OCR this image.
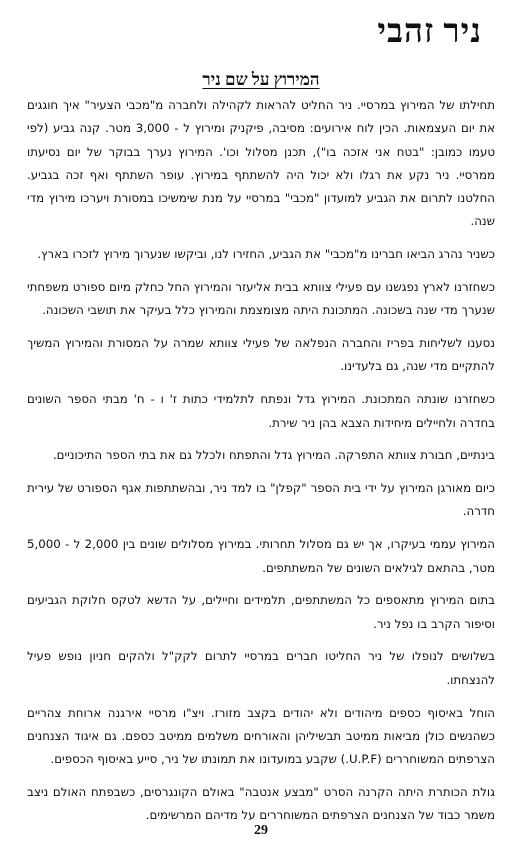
ניר זהבי
המירוץ על שם ניר

תחילתו של המירוץ במרסיי. ניר החליט להראות לקהילה ולחברה מ"מכבי הצעיר" איך חוגגים את יום העצמאות. הכין לוח אירועים: מסיבה, פיקניק ומירוץ ל - 3,000 מטר. קנה גביע (לפי טעמו כמובן: "בטח אני אזכה בו"), תכנן מסלול וכו'. המירוץ נערך בבוקר של יום נסיעתו ממרסיי. ניר נקע את רגלו ולא יכול היה להשתתף במירוץ. עופר השתתף ואף זכה בגביע. החלטנו לתרום את הגביע למועדון "מכבי" במרסיי על מנת שימשיכו במסורת ויערכו מירוץ מדי שנה.

כשניר נהרג הביאו חברינו מ"מכבי" את הגביע, החזירו לנו, וביקשו שנערוך מירוץ לזכרו בארץ.

כשחזרנו לארץ נפגשנו עם פעילי צוותא בבית אליעזר והמירוץ החל כחלק מיום ספורט משפחתי שנערך מדי שנה בשכונה. המתכונת היתה מצומצמת והמירוץ כלל בעיקר את תושבי השכונה.

נסענו לשליחות בפריז והחברה הנפלאה של פעילי צוותא שמרה על המסורת והמירוץ המשיך להתקיים מדי שנה, גם בלעדינו.

כשחזרנו שונתה המתכונת. המירוץ גדל ונפתח לתלמידי כתות ז' ו - ח' מבתי הספר השונים בחדרה ולחיילים מיחידות הצבא בהן ניר שירת.

בינתיים, חבורת צוותא התפרקה. המירוץ גדל והתפתח ולכלל גם את בתי הספר התיכוניים.

כיום מאורגן המירוץ על ידי בית הספר "קפלן" בו למד ניר, ובהשתתפות אגף הספורט של עירית חדרה.

המירוץ עממי בעיקרו, אך יש גם מסלול תחרותי. במירוץ מסלולים שונים בין 2,000 ל - 5,000 מטר, בהתאם לגילאים השונים של המשתתפים.

בתום המירוץ מתאספים כל המשתתפים, תלמידים וחיילים, על הדשא לטקס חלוקת הגביעים וסיפור הקרב בו נפל ניר.

בשלושים לנופלו של ניר החליטו חברים במרסיי לתרום לקק"ל ולהקים חניון נופש פעיל להנצחתו.

הוחל באיסוף כספים מיהודים ולא יהודים בקצב מזורז. ויצ"ו מרסיי אירגנה ארוחת צהריים כשהנשים כולן מביאות ממיטב תבשיליהן והאורחים משלמים ממיטב כספם. גם איגוד הצנחנים הצרפתים המשוחררים (U.P.F.) שקבע במועדונו את תמונתו של ניר, סייע באיסוף הכספים.

גולת הכותרת היתה הקרנה הסרט "מבצע אנטבה" באולם הקונגרסים, כשבפתח האולם ניצב משמר כבוד של הצנחנים הצרפתים המשוחררים על מדיהם המרשימים.

29
